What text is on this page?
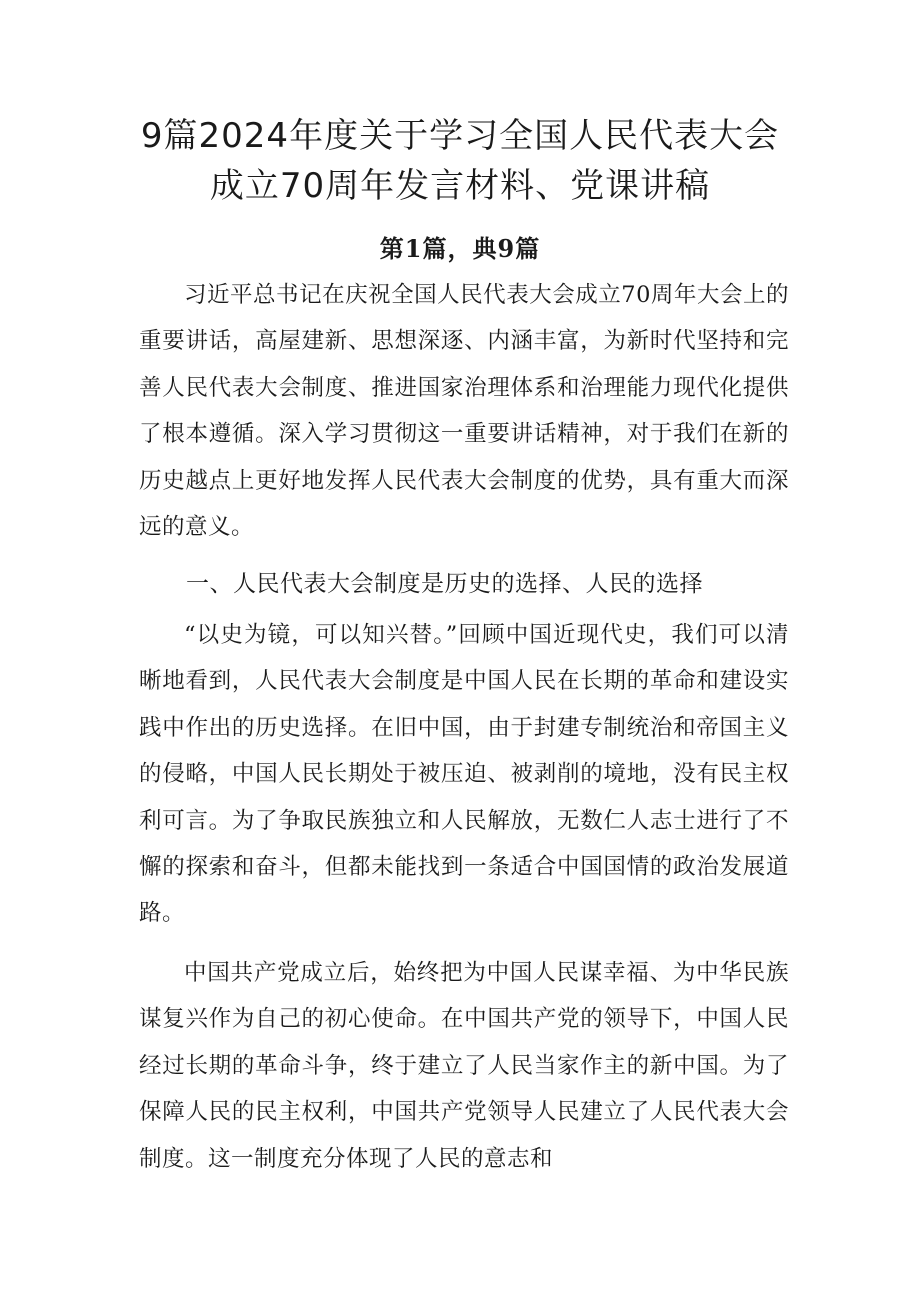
9篇2024年度关于学习全国人民代表大会
成立70周年发言材料、党课讲稿
第1篇，典9篇

习近平总书记在庆祝全国人民代表大会成立70周年大会上的重要讲话，高屋建新、思想深逐、内涵丰富，为新时代坚持和完善人民代表大会制度、推进国家治理体系和治理能力现代化提供了根本遵循。深入学习贯彻这一重要讲话精神，对于我们在新的历史越点上更好地发挥人民代表大会制度的优势，具有重大而深远的意义。

一、人民代表大会制度是历史的选择、人民的选择

“以史为镜，可以知兴替。”回顾中国近现代史，我们可以清晰地看到，人民代表大会制度是中国人民在长期的革命和建设实践中作出的历史选择。在旧中国，由于封建专制统治和帝国主义的侵略，中国人民长期处于被压迫、被剥削的境地，没有民主权利可言。为了争取民族独立和人民解放，无数仁人志士进行了不懈的探索和奋斗，但都未能找到一条适合中国国情的政治发展道路。

中国共产党成立后，始终把为中国人民谋幸福、为中华民族谋复兴作为自己的初心使命。在中国共产党的领导下，中国人民经过长期的革命斗争，终于建立了人民当家作主的新中国。为了保障人民的民主权利，中国共产党领导人民建立了人民代表大会制度。这一制度充分体现了人民的意志和
